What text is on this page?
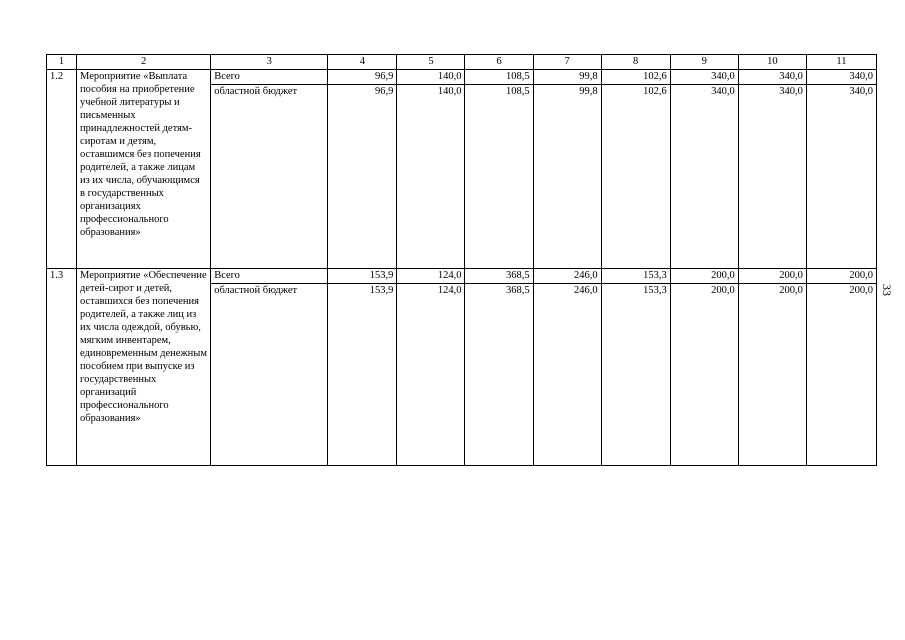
1	2	3	4	5	6	7	8	9	10	11
1.2	Мероприятие «Выплата пособия на приобретение учебной литературы и письменных принадлежностей детям-сиротам и детям, оставшимся без попечения родителей, а также лицам из их числа, обучающимся в государственных организациях профессионального образования»	Всего	96,9	140,0	108,5	99,8	102,6	340,0	340,0	340,0
		областной бюджет	96,9	140,0	108,5	99,8	102,6	340,0	340,0	340,0
1.3	Мероприятие «Обеспечение детей-сирот и детей, оставшихся без попечения родителей, а также лиц из их числа одеждой, обувью, мягким инвентарем, единовременным денежным пособием при выпуске из государственных организаций профессионального образования»	Всего	153,9	124,0	368,5	246,0	153,3	200,0	200,0	200,0
		областной бюджет	153,9	124,0	368,5	246,0	153,3	200,0	200,0	200,0 33
